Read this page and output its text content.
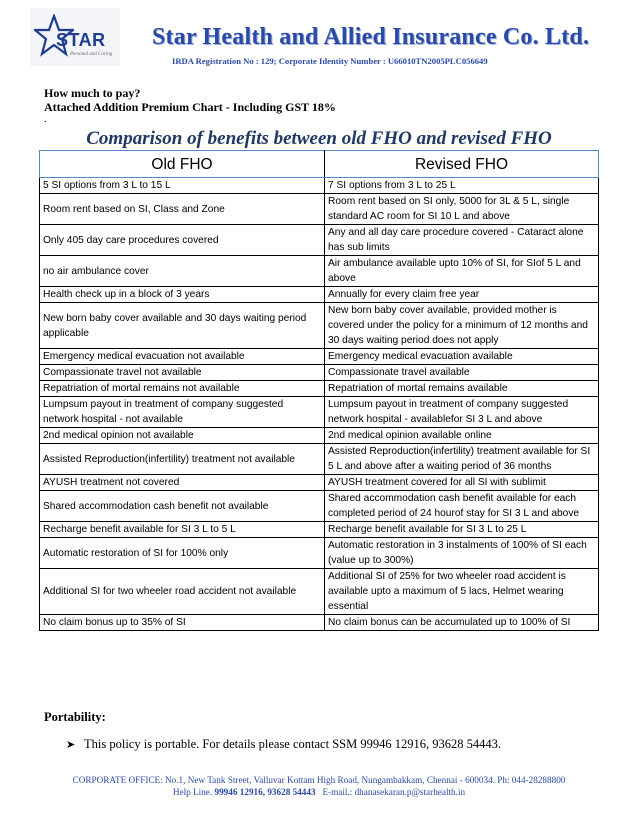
STAR
Personal and Caring
Star Health and Allied Insurance Co. Ltd.
IRDA Registration No : 129; Corporate Identity Number : U66010TN2005PLC056649
How much to pay?
Attached Addition Premium Chart - Including GST 18%
.
Comparison of benefits between old FHO and revised FHO
Old FHO	Revised FHO
5 SI options from 3 L to 15 L	7 SI options from 3 L to 25 L
Room rent based on SI, Class and Zone	Room rent based on SI only, 5000 for 3L & 5 L, single standard AC room for SI 10 L and above
Only 405 day care procedures covered	Any and all day care procedure covered - Cataract alone has sub limits
no air ambulance cover	Air ambulance available upto 10% of SI, for SIof 5 L and above
Health check up in a block of 3 years	Annually for every claim free year
New born baby cover available and 30 days waiting period applicable	New born baby cover available, provided mother is covered under the policy for a minimum of 12 months and 30 days waiting period does not apply
Emergency medical evacuation not available	Emergency medical evacuation available
Compassionate travel not available	Compassionate travel available
Repatriation of mortal remains not available	Repatriation of mortal remains available
Lumpsum payout in treatment of company suggested network hospital - not available	Lumpsum payout in treatment of company suggested network hospital - availablefor SI 3 L and above
2nd medical opinion not available	2nd medical opinion available online
Assisted Reproduction(infertility) treatment not available	Assisted Reproduction(infertility) treatment available for SI 5 L and above after a waiting period of 36 months
AYUSH treatment not covered	AYUSH treatment covered for all SI with sublimit
Shared accommodation cash benefit not available	Shared accommodation cash benefit available for each completed period of 24 hourof stay for SI 3 L and above
Recharge benefit available for SI 3 L to 5 L	Recharge benefit available for SI 3 L to 25 L
Automatic restoration of SI for 100% only	Automatic restoration in 3 instalments of 100% of SI each (value up to 300%)
Additional SI for two wheeler road accident not available	Additional SI of 25% for two wheeler road accident is available upto a maximum of 5 lacs, Helmet wearing essential
No claim bonus up to 35% of SI	No claim bonus can be accumulated up to 100% of SI
Portability:
➤ This policy is portable. For details please contact SSM 99946 12916, 93628 54443.
CORPORATE OFFICE: No.1, New Tank Street, Valluvar Kottam High Road, Nungambakkam, Chennai - 600034. Ph: 044-28288800
Help Line. 99946 12916, 93628 54443 E-mail.: dhanasekaran.p@starhealth.in
